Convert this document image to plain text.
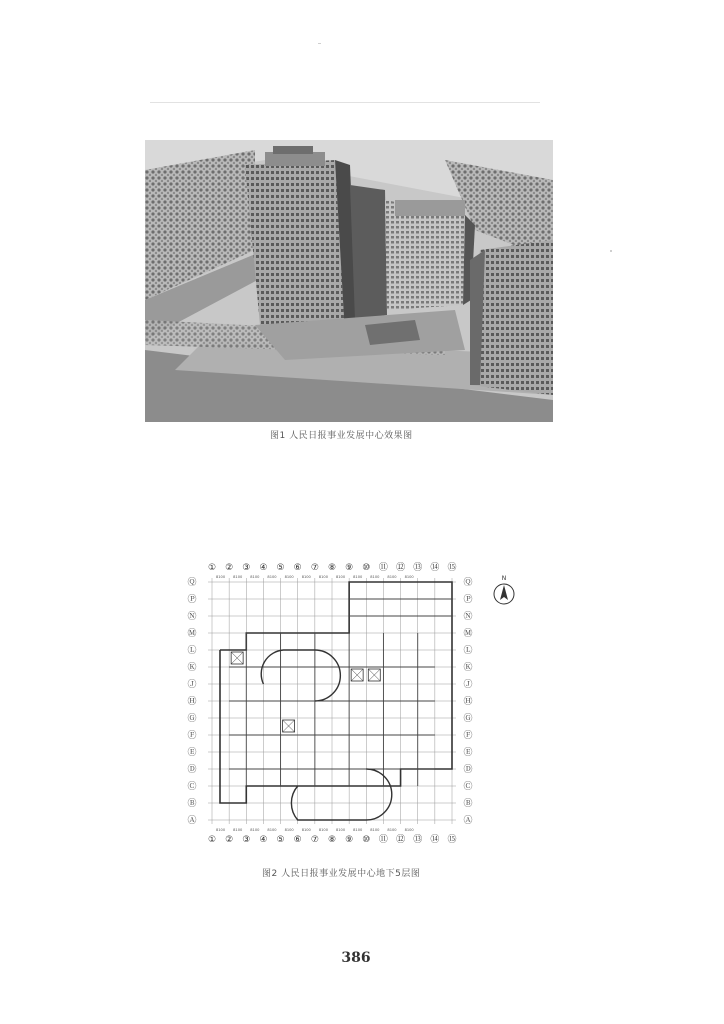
图1 人民日报事业发展中心效果图
①
①
②
②
③
③
④
④
⑤
⑤
⑥
⑥
⑦
⑦
⑧
⑧
⑨
⑨
⑩
⑩
⑪
⑪
⑫
⑫
⑬
⑬
⑭
⑭
⑮
⑮
Ⓠ	Ⓠ
Ⓟ	Ⓟ
Ⓝ	Ⓝ
Ⓜ	Ⓜ
Ⓛ	Ⓛ
Ⓚ	Ⓚ
Ⓙ	Ⓙ
Ⓗ	Ⓗ
Ⓖ	Ⓖ
Ⓕ	Ⓕ
Ⓔ	Ⓔ
Ⓓ	Ⓓ
Ⓒ	Ⓒ
Ⓑ	Ⓑ
Ⓐ	Ⓐ
8100
8100
8100
8100
8100
8100
8100
8100
8100
8100
8100
8100
8100
8100
8100
8100
8100
8100
8100
8100
8100
8100
8100
8100
N
图2 人民日报事业发展中心地下5层图
386
